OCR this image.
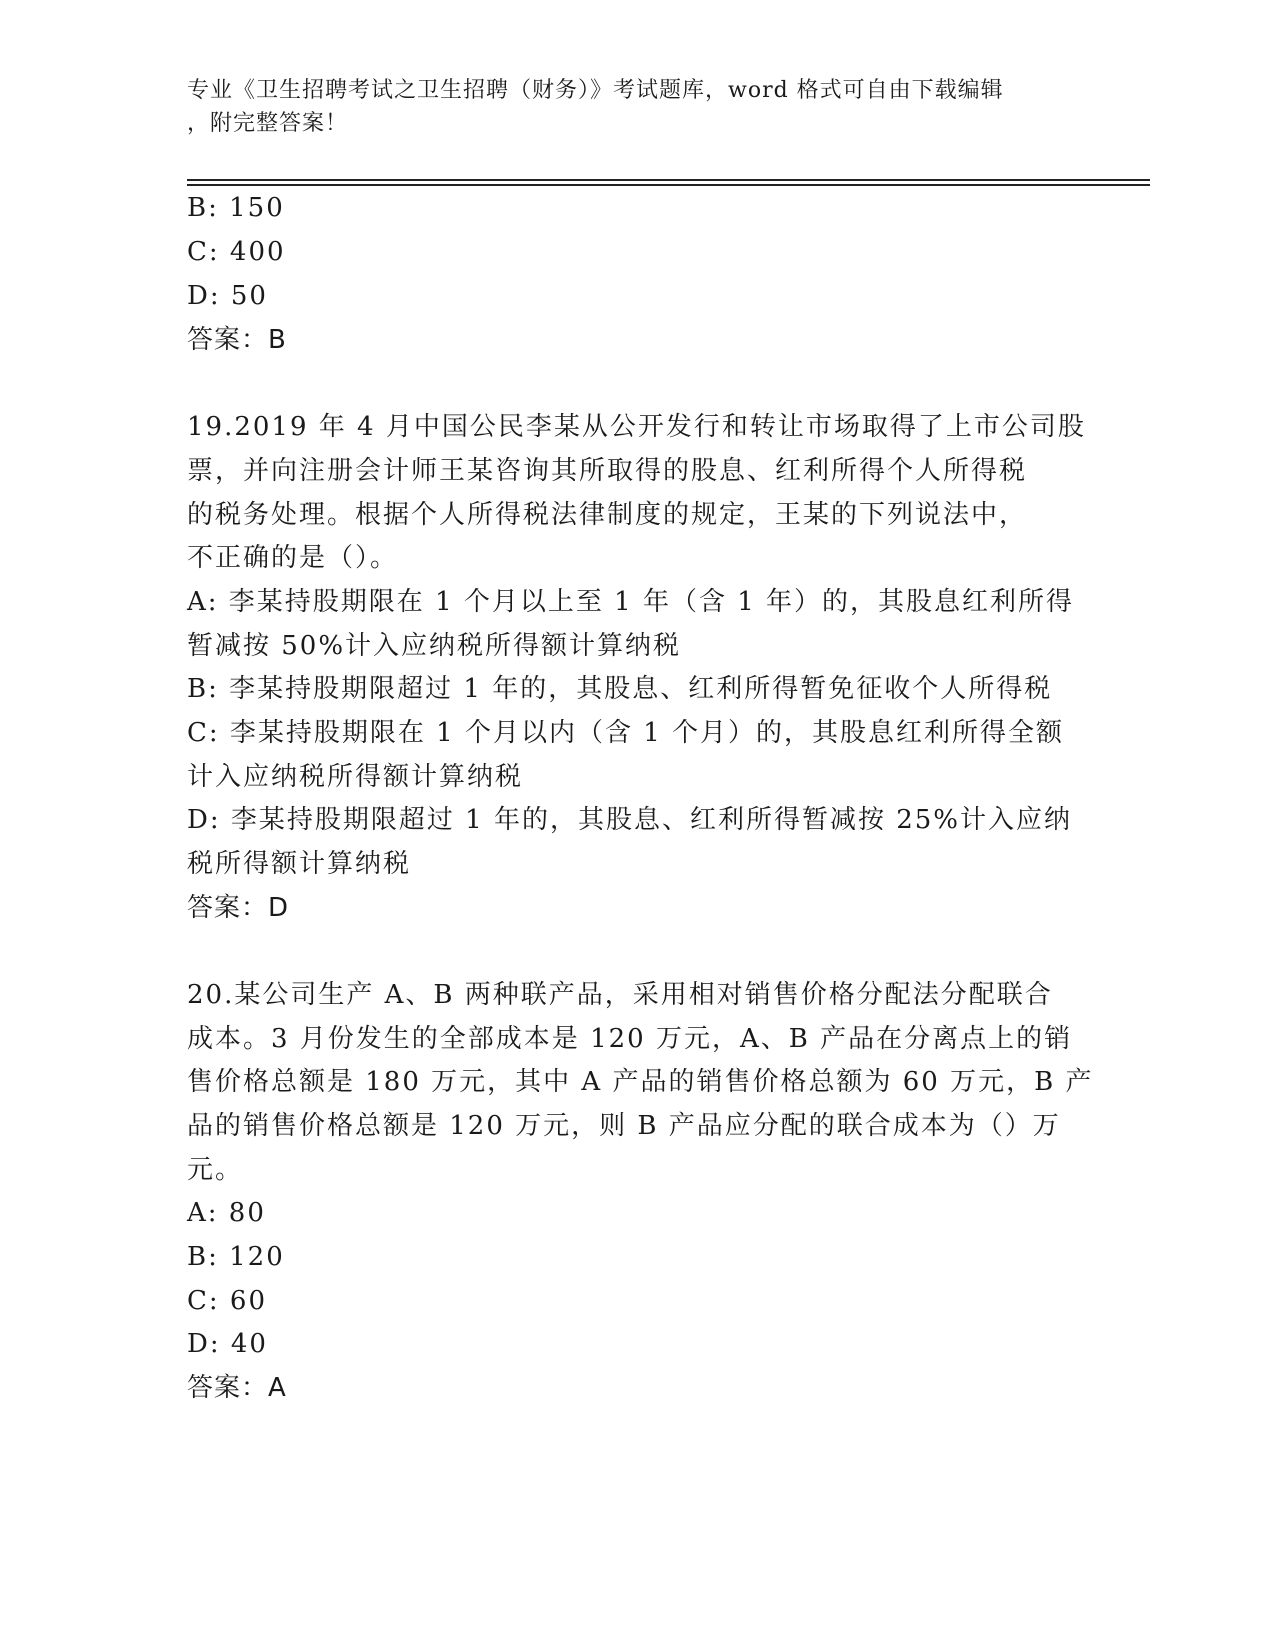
专业《卫生招聘考试之卫生招聘（财务）》考试题库，word 格式可自由下载编辑
，附完整答案！
B: 150
C: 400
D: 50
答案：B
19.2019 年 4 月中国公民李某从公开发行和转让市场取得了上市公司股
票，并向注册会计师王某咨询其所取得的股息、红利所得个人所得税
的税务处理。根据个人所得税法律制度的规定，王某的下列说法中，
不正确的是（）。
A: 李某持股期限在 1 个月以上至 1 年（含 1 年）的，其股息红利所得
暂减按 50%计入应纳税所得额计算纳税
B: 李某持股期限超过 1 年的，其股息、红利所得暂免征收个人所得税
C: 李某持股期限在 1 个月以内（含 1 个月）的，其股息红利所得全额
计入应纳税所得额计算纳税
D: 李某持股期限超过 1 年的，其股息、红利所得暂减按 25%计入应纳
税所得额计算纳税
答案：D
20.某公司生产 A、B 两种联产品，采用相对销售价格分配法分配联合
成本。3 月份发生的全部成本是 120 万元，A、B 产品在分离点上的销
售价格总额是 180 万元，其中 A 产品的销售价格总额为 60 万元，B 产
品的销售价格总额是 120 万元，则 B 产品应分配的联合成本为（）万
元。
A: 80
B: 120
C: 60
D: 40
答案：A
